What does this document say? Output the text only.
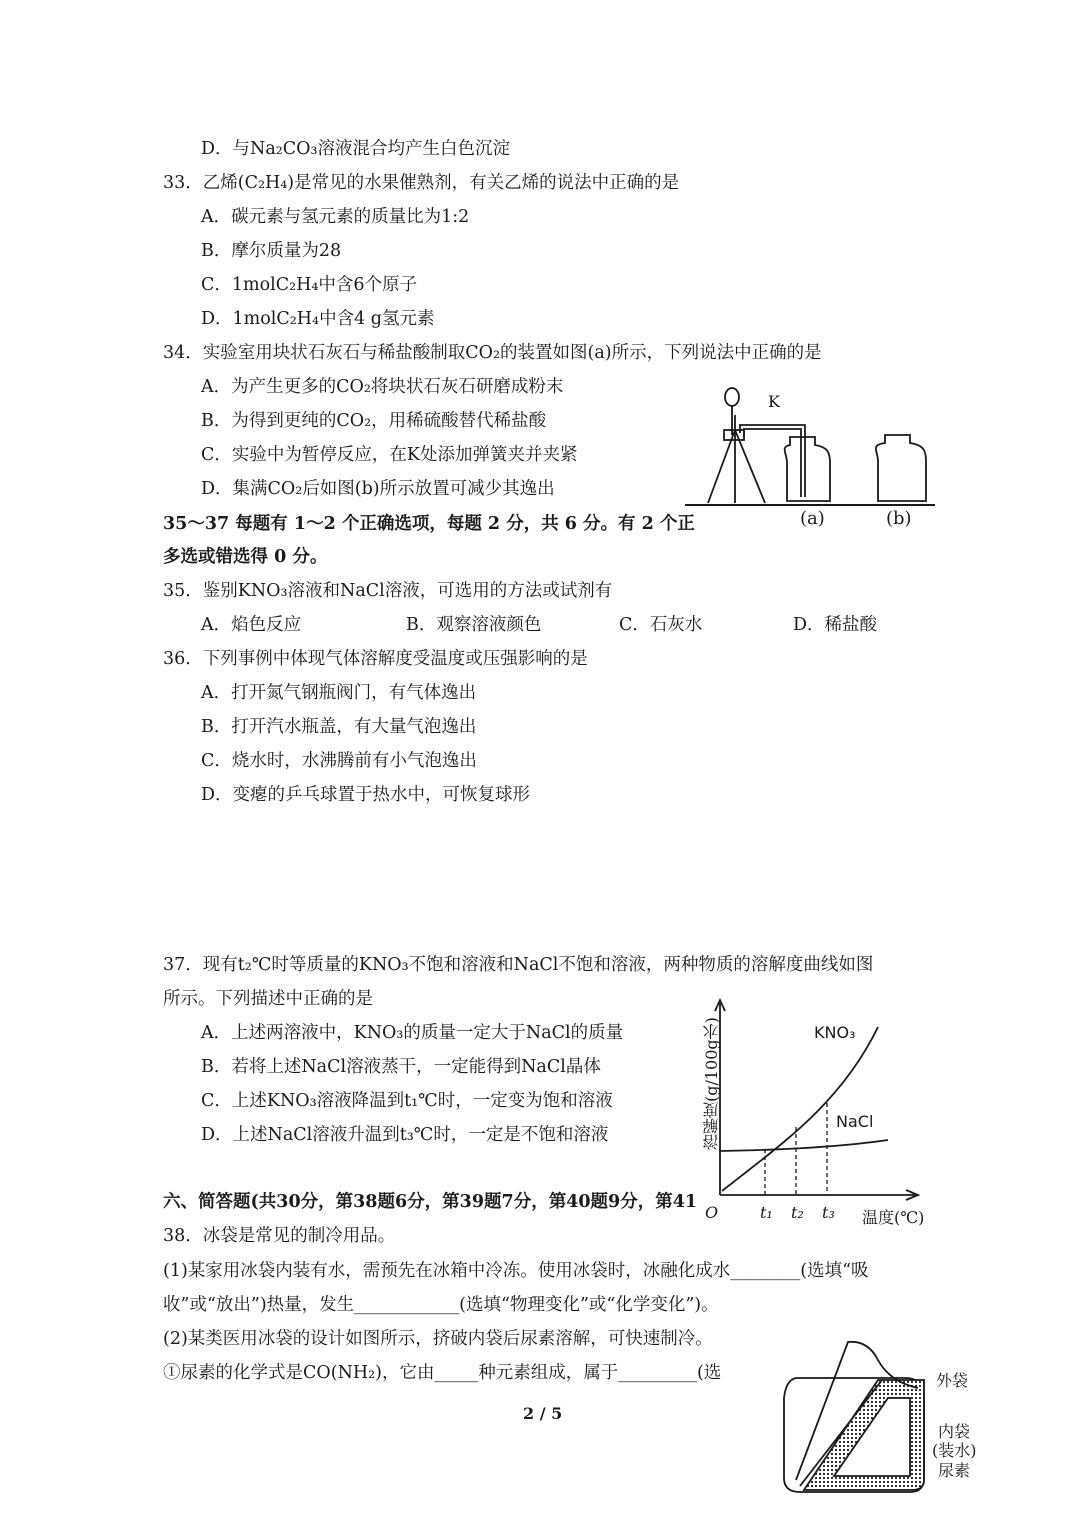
D．与Na₂CO₃溶液混合均产生白色沉淀
33．乙烯(C₂H₄)是常见的水果催熟剂，有关乙烯的说法中正确的是
A．碳元素与氢元素的质量比为1:2
B．摩尔质量为28
C．1molC₂H₄中含6个原子
D．1molC₂H₄中含4 g氢元素
34．实验室用块状石灰石与稀盐酸制取CO₂的装置如图(a)所示，下列说法中正确的是
A．为产生更多的CO₂将块状石灰石研磨成粉末
B．为得到更纯的CO₂，用稀硫酸替代稀盐酸
C．实验中为暂停反应，在K处添加弹簧夹并夹紧
D．集满CO₂后如图(b)所示放置可减少其逸出
K
(a)	(b)
35～37 每题有 1～2 个正确选项，每题 2 分，共 6 分。有 2 个正
多选或错选得 0 分。
35．鉴别KNO₃溶液和NaCl溶液，可选用的方法或试剂有
A．焰色反应	B．观察溶液颜色	C．石灰水	D．稀盐酸
36．下列事例中体现气体溶解度受温度或压强影响的是
A．打开氮气钢瓶阀门，有气体逸出
B．打开汽水瓶盖，有大量气泡逸出
C．烧水时，水沸腾前有小气泡逸出
D．变瘪的乒乓球置于热水中，可恢复球形
37．现有t₂℃时等质量的KNO₃不饱和溶液和NaCl不饱和溶液，两种物质的溶解度曲线如图
所示。下列描述中正确的是
A．上述两溶液中，KNO₃的质量一定大于NaCl的质量
B．若将上述NaCl溶液蒸干，一定能得到NaCl晶体
C．上述KNO₃溶液降温到t₁℃时，一定变为饱和溶液
D．上述NaCl溶液升温到t₃℃时，一定是不饱和溶液	溶解度(g/100g水)	KNO₃
NaCl
O	t₁ t₂ t₃ 温度(℃)
六、简答题(共30分，第38题6分，第39题7分，第40题9分，第41
38．冰袋是常见的制冷用品。
(1)某家用冰袋内装有水，需预先在冰箱中冷冻。使用冰袋时，冰融化成水________(选填“吸
收”或“放出”)热量，发生____________(选填“物理变化”或“化学变化”)。
(2)某类医用冰袋的设计如图所示，挤破内袋后尿素溶解，可快速制冷。
①尿素的化学式是CO(NH₂)，它由_____种元素组成，属于_________(选	外袋
内袋
(装水)
尿素
2 / 5
